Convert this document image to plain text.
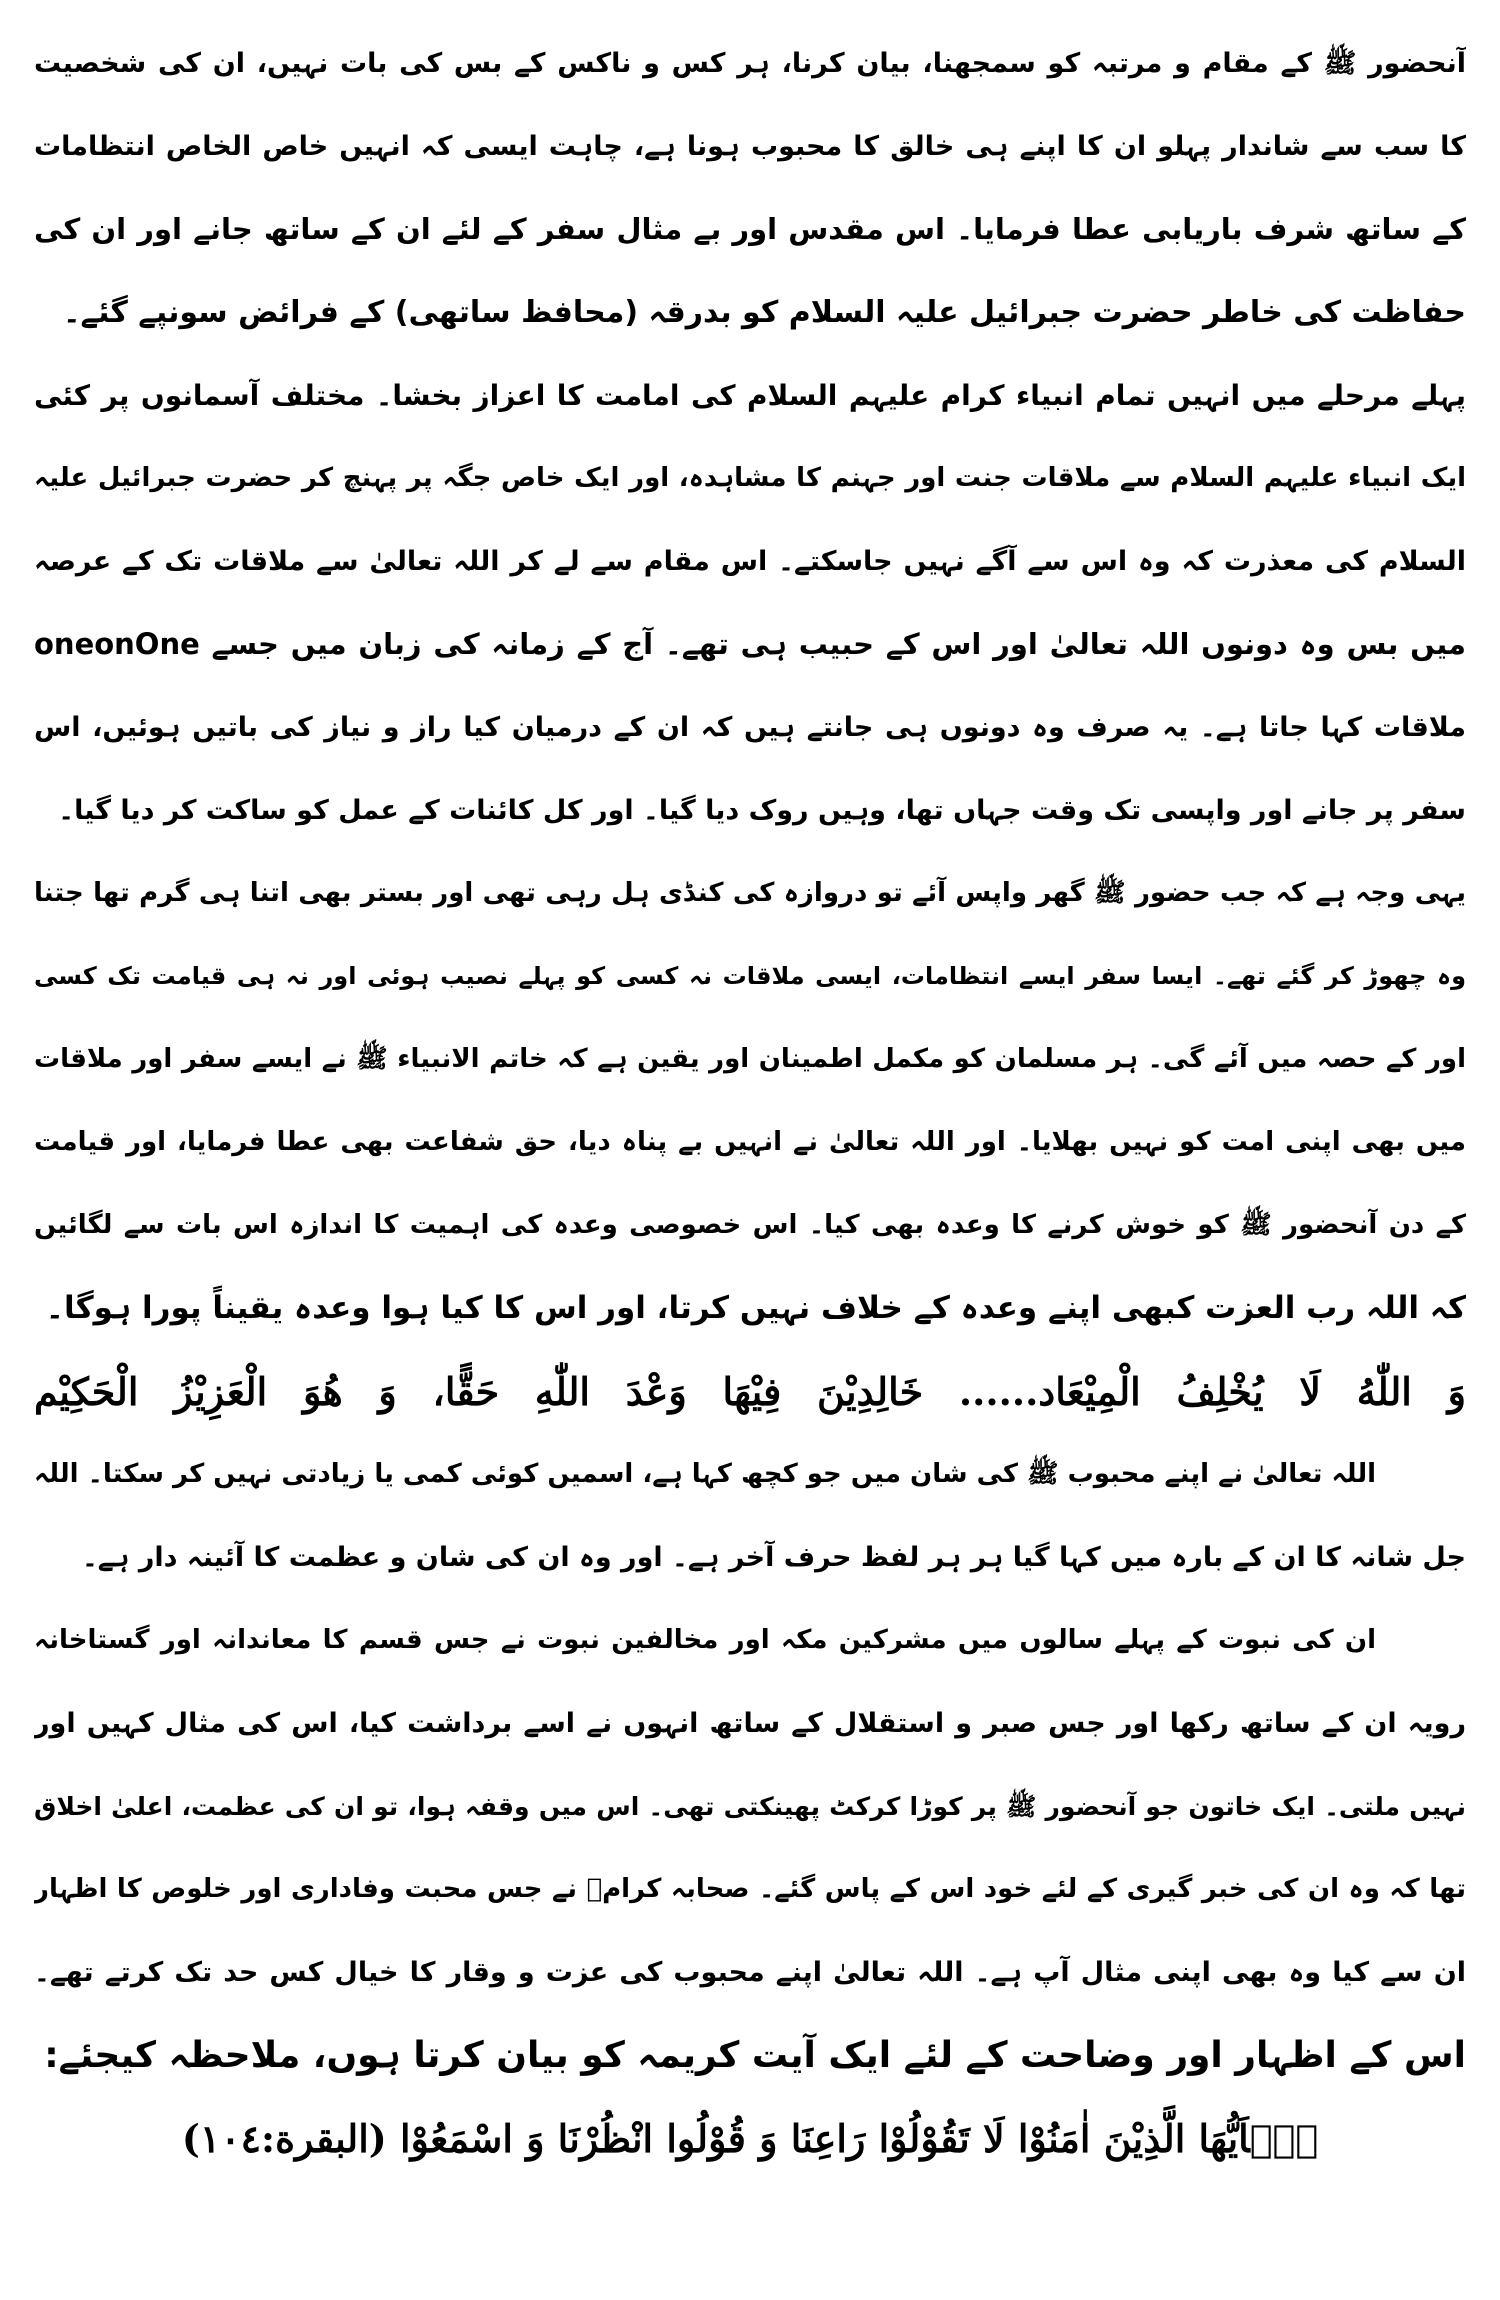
آنحضور ﷺ کے مقام و مرتبہ کو سمجھنا، بیان کرنا، ہر کس و ناکس کے بس کی بات نہیں، ان کی شخصیت
کا سب سے شاندار پہلو ان کا اپنے ہی خالق کا محبوب ہونا ہے، چاہت ایسی کہ انہیں خاص الخاص انتظامات
کے ساتھ شرف باریابی عطا فرمایا۔ اس مقدس اور بے مثال سفر کے لئے ان کے ساتھ جانے اور ان کی
حفاظت کی خاطر حضرت جبرائیل علیہ السلام کو بدرقہ (محافظ ساتھی) کے فرائض سونپے گئے۔
پہلے مرحلے میں انہیں تمام انبیاء کرام علیہم السلام کی امامت کا اعزاز بخشا۔ مختلف آسمانوں پر کئی
ایک انبیاء علیہم السلام سے ملاقات جنت اور جہنم کا مشاہدہ، اور ایک خاص جگہ پر پہنچ کر حضرت جبرائیل علیہ
السلام کی معذرت کہ وہ اس سے آگے نہیں جاسکتے۔ اس مقام سے لے کر اللہ تعالیٰ سے ملاقات تک کے عرصہ
میں بس وہ دونوں اللہ تعالیٰ اور اس کے حبیب ہی تھے۔ آج کے زمانہ کی زبان میں جسے oneonOne
ملاقات کہا جاتا ہے۔ یہ صرف وہ دونوں ہی جانتے ہیں کہ ان کے درمیان کیا راز و نیاز کی باتیں ہوئیں، اس
سفر پر جانے اور واپسی تک وقت جہاں تھا، وہیں روک دیا گیا۔ اور کل کائنات کے عمل کو ساکت کر دیا گیا۔
یہی وجہ ہے کہ جب حضور ﷺ گھر واپس آئے تو دروازہ کی کنڈی ہل رہی تھی اور بستر بھی اتنا ہی گرم تھا جتنا
وہ چھوڑ کر گئے تھے۔ ایسا سفر ایسے انتظامات، ایسی ملاقات نہ کسی کو پہلے نصیب ہوئی اور نہ ہی قیامت تک کسی
اور کے حصہ میں آئے گی۔ ہر مسلمان کو مکمل اطمینان اور یقین ہے کہ خاتم الانبیاء ﷺ نے ایسے سفر اور ملاقات
میں بھی اپنی امت کو نہیں بھلایا۔ اور اللہ تعالیٰ نے انہیں بے پناہ دیا، حق شفاعت بھی عطا فرمایا، اور قیامت
کے دن آنحضور ﷺ کو خوش کرنے کا وعدہ بھی کیا۔ اس خصوصی وعدہ کی اہمیت کا اندازہ اس بات سے لگائیں
کہ اللہ رب العزت کبھی اپنے وعدہ کے خلاف نہیں کرتا، اور اس کا کیا ہوا وعدہ یقیناً پورا ہوگا۔
وَ اللّٰهُ لَا يُخْلِفُ الْمِيْعَاد...... خَالِدِيْنَ فِيْهَا وَعْدَ اللّٰهِ حَقًّا، وَ هُوَ الْعَزِيْزُ الْحَكِيْم
اللہ تعالیٰ نے اپنے محبوب ﷺ کی شان میں جو کچھ کہا ہے، اسمیں کوئی کمی یا زیادتی نہیں کر سکتا۔ اللہ
جل شانہ کا ان کے بارہ میں کہا گیا ہر ہر لفظ حرف آخر ہے۔ اور وہ ان کی شان و عظمت کا آئینہ دار ہے۔
ان کی نبوت کے پہلے سالوں میں مشرکین مکہ اور مخالفین نبوت نے جس قسم کا معاندانہ اور گستاخانہ
رویہ ان کے ساتھ رکھا اور جس صبر و استقلال کے ساتھ انہوں نے اسے برداشت کیا، اس کی مثال کہیں اور
نہیں ملتی۔ ایک خاتون جو آنحضور ﷺ پر کوڑا کرکٹ پھینکتی تھی۔ اس میں وقفہ ہوا، تو ان کی عظمت، اعلیٰ اخلاق
تھا کہ وہ ان کی خبر گیری کے لئے خود اس کے پاس گئے۔ صحابہ کرامؓ نے جس محبت وفاداری اور خلوص کا اظہار
ان سے کیا وہ بھی اپنی مثال آپ ہے۔ اللہ تعالیٰ اپنے محبوب کی عزت و وقار کا خیال کس حد تک کرتے تھے۔
اس کے اظہار اور وضاحت کے لئے ایک آیت کریمہ کو بیان کرتا ہوں، ملاحظہ کیجئے:
يٰۤاَيُّهَا الَّذِيْنَ اٰمَنُوْا لَا تَقُوْلُوْا رَاعِنَا وَ قُوْلُوا انْظُرْنَا وَ اسْمَعُوْا (البقرة:١٠٤)
